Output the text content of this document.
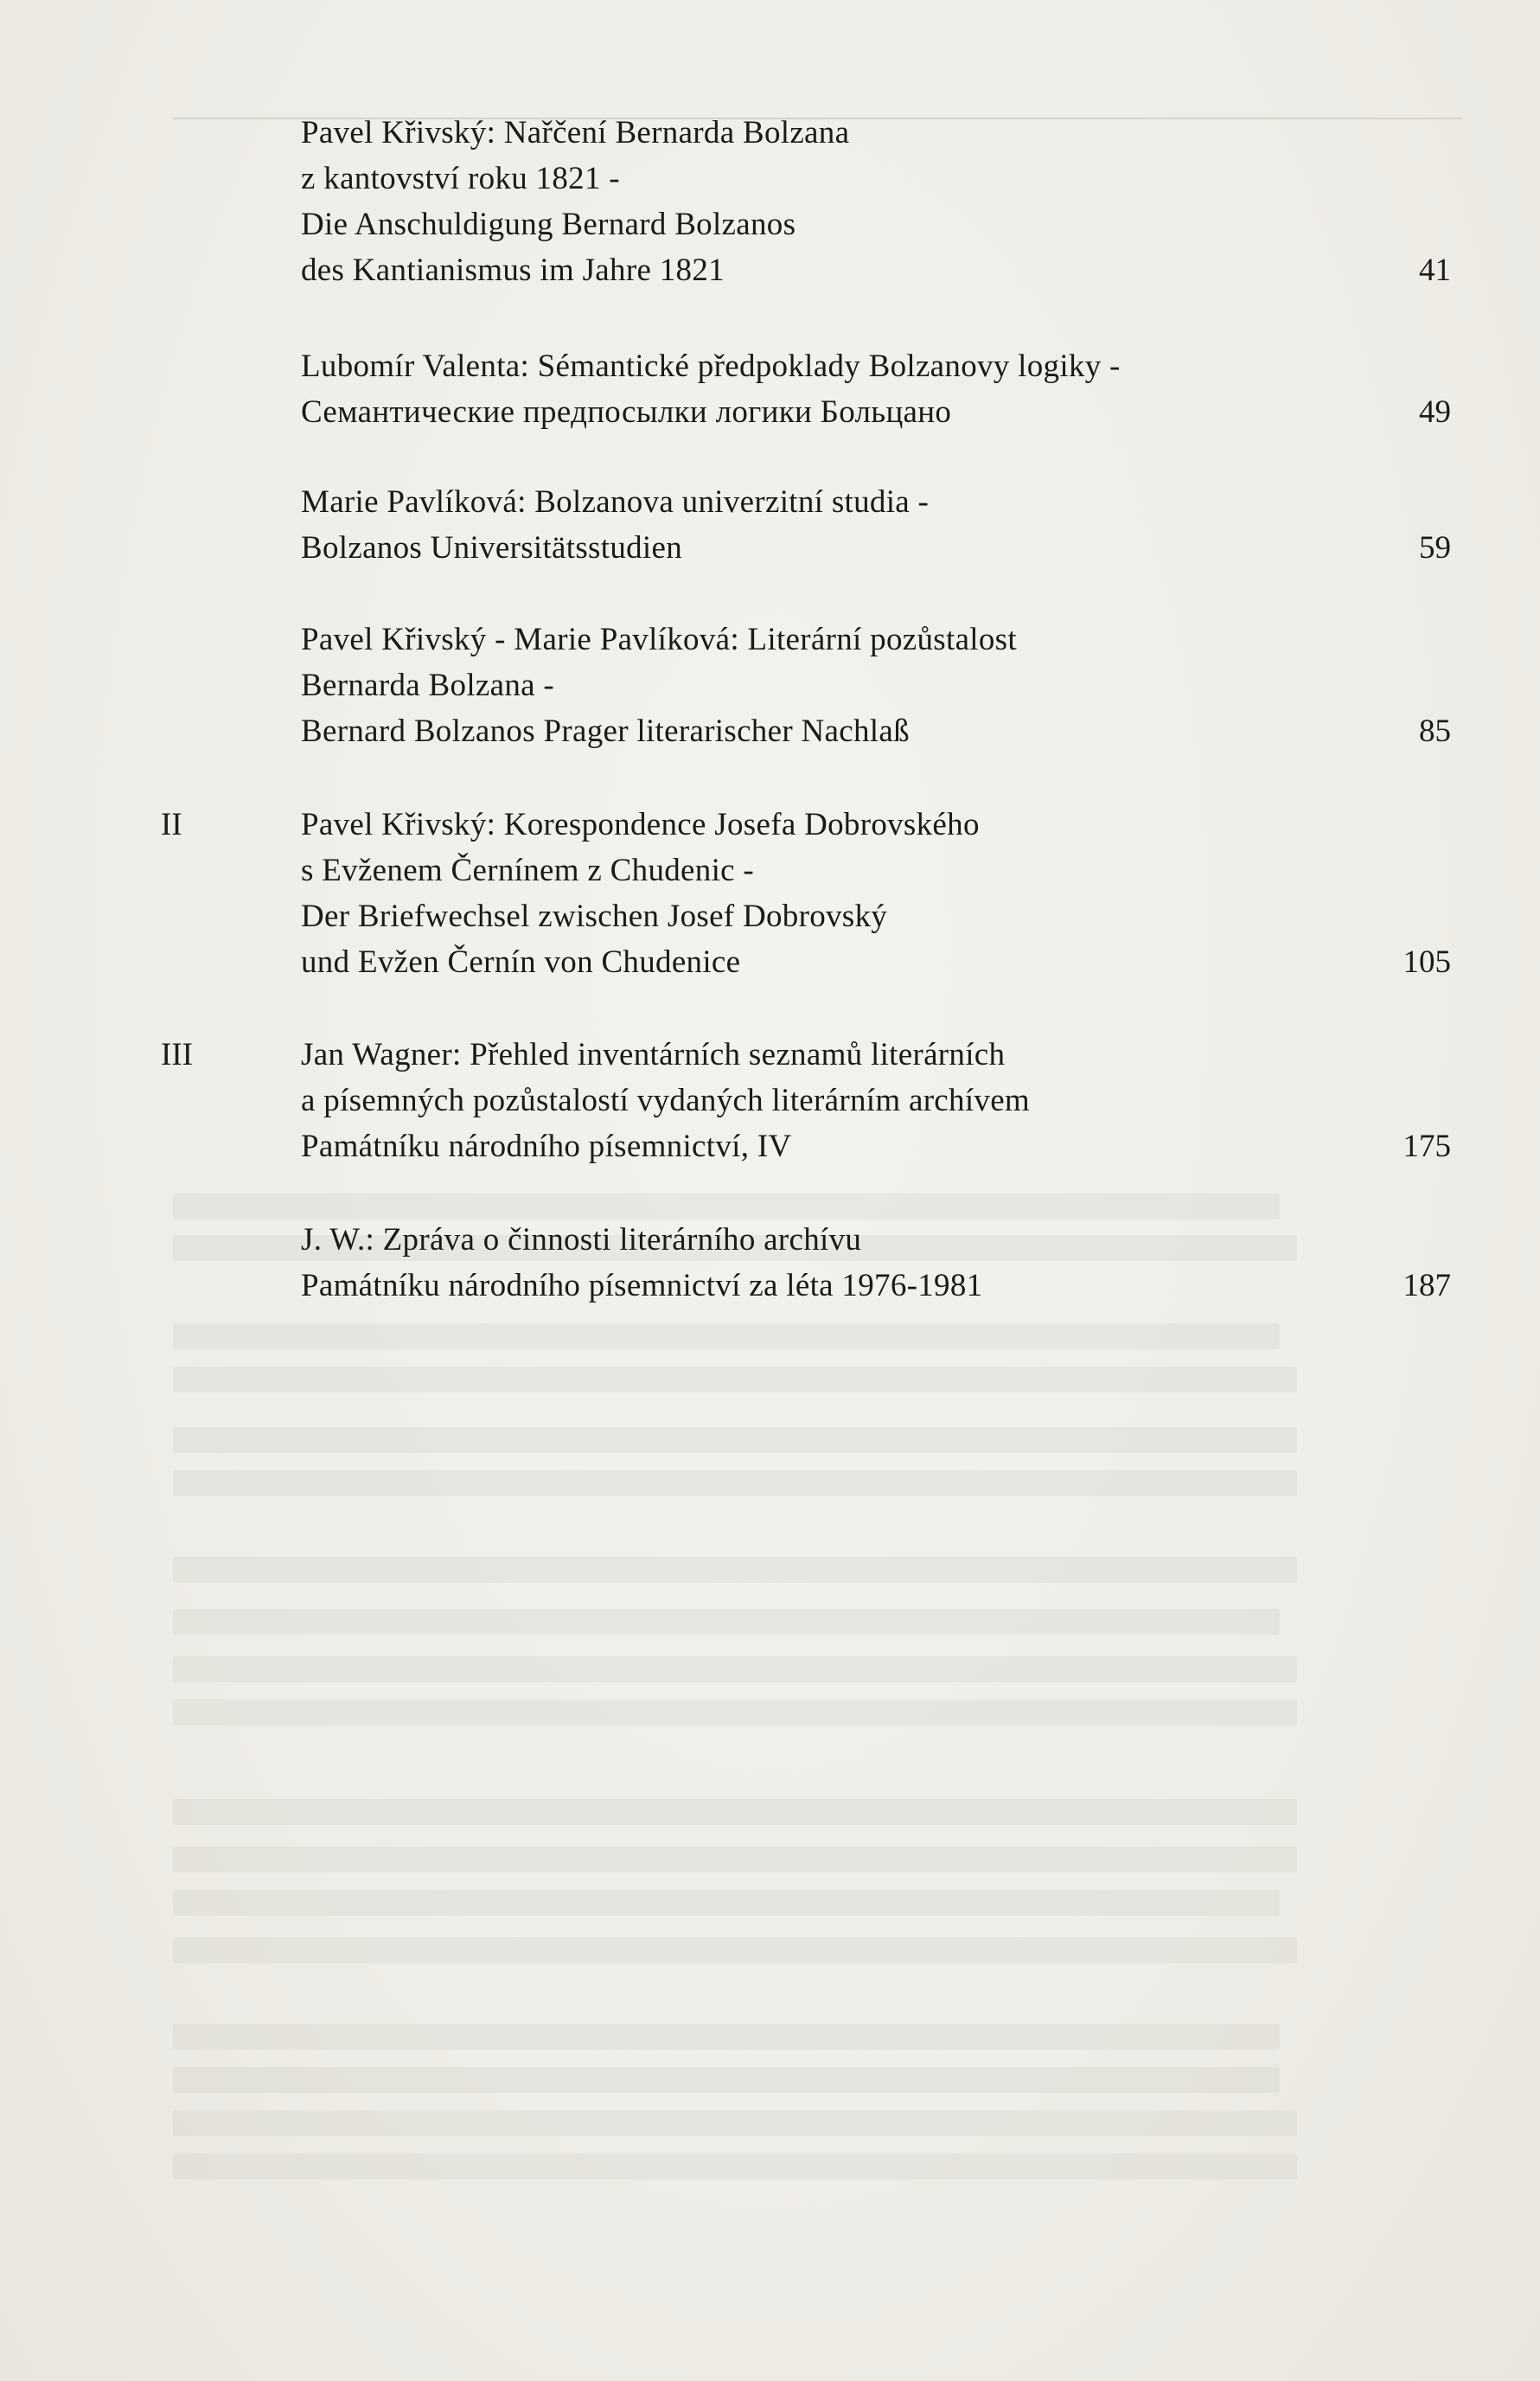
Pavel Křivský: Nařčení Bernarda Bolzana
z kantovství roku 1821 -
Die Anschuldigung Bernard Bolzanos
des Kantianismus im Jahre 1821	41
Lubomír Valenta: Sémantické předpoklady Bolzanovy logiky -
Семантические предпосылки логики Больцано	49
Marie Pavlíková: Bolzanova univerzitní studia -
Bolzanos Universitätsstudien	59
Pavel Křivský - Marie Pavlíková: Literární pozůstalost
Bernarda Bolzana -
Bernard Bolzanos Prager literarischer Nachlaß	85
II	Pavel Křivský: Korespondence Josefa Dobrovského
s Evženem Černínem z Chudenic -
Der Briefwechsel zwischen Josef Dobrovský
und Evžen Černín von Chudenice	105
III	Jan Wagner: Přehled inventárních seznamů literárních
a písemných pozůstalostí vydaných literárním archívem
Památníku národního písemnictví, IV	175
J. W.: Zpráva o činnosti literárního archívu
Památníku národního písemnictví za léta 1976-1981	187
